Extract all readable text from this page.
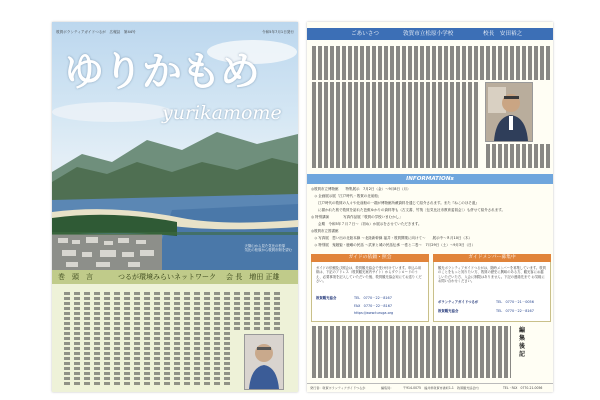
敦賀ボランティアガイドつるが　広報誌　第44号	令和5年7月1日発行
ゆりかもめ
yurikamome
天筒山から見た気比の松原
気比の松原から敦賀市街を望む
巻　頭　言	つるが環境みらいネットワーク 会 長　増田 正雄
ごあいさつ	敦賀市立松原小学校	校長　安田裕之
INFORMATIONs
◎敦賀市立博物館　　特集展示　7月2日（金）〜9月8日（月）
　◇ 企画展示展「江戸時代・敦賀の北前船」
　　江戸時代の敦賀の人々や北前船の一端が博物館所蔵資料を通じて紹介されます。また『ねこのほそ道』
　　に描かれた旅で敦賀を訪れた芭蕉ゆかりの資料等も（古文書、竹筏〔伝気比社市教育委員会〕）も併せて紹介されます。
◎ 特別講演　　　　写真作品展「敦賀の学校いまむかし」
　　会期　令和5年７月７日〜（初め）か展示をさせていただきます。
◎敦賀市立図書館
　◇ 写真展　思い出の北陸本線 〜北陸新幹線 福井・敦賀開業に向けて〜　　展示中〜８月10日（木）
　◇ 特別展　鬼娘姫・鹿嶋の民話 〜武家と城の民話伝承 一巻と二巻〜　7月29日（土）〜9月3日（日）
ガイドの依頼・照会
ガイドの依頼及び照会は、敦賀観光協会で受け付けています。申込み用紙は、下記のアドレス（敦賀観光案内サイト）からダウンロードのうえ、必要事項を記入していただいた後、敦賀観光協会宛にてお送りください。
敦賀観光協会	TEL　0770－22－8167
FAX　0770－22－8167
https://www.turuga.org
ガイドメンバー募集中
観光ボランティアガイドつるがは、随時メンバーを募集しています。敦賀のことをもっと知りたい方、敦賀の歴史に興味のある方、観光客にお越しいただいた方、入会に制限はありません。下記の連絡先まで お気軽にお問い合わせください。
ボランティアガイドつるが	TEL　0770－21－0056
敦賀観光協会	TEL　0770－22－8167
編集後記
発行者：敦賀ボランティアガイドつるが	編集局：	〒914-0075　福井県敦賀市港町1-1　敦賀観光協会内	TEL・FAX　0770-21-0056
